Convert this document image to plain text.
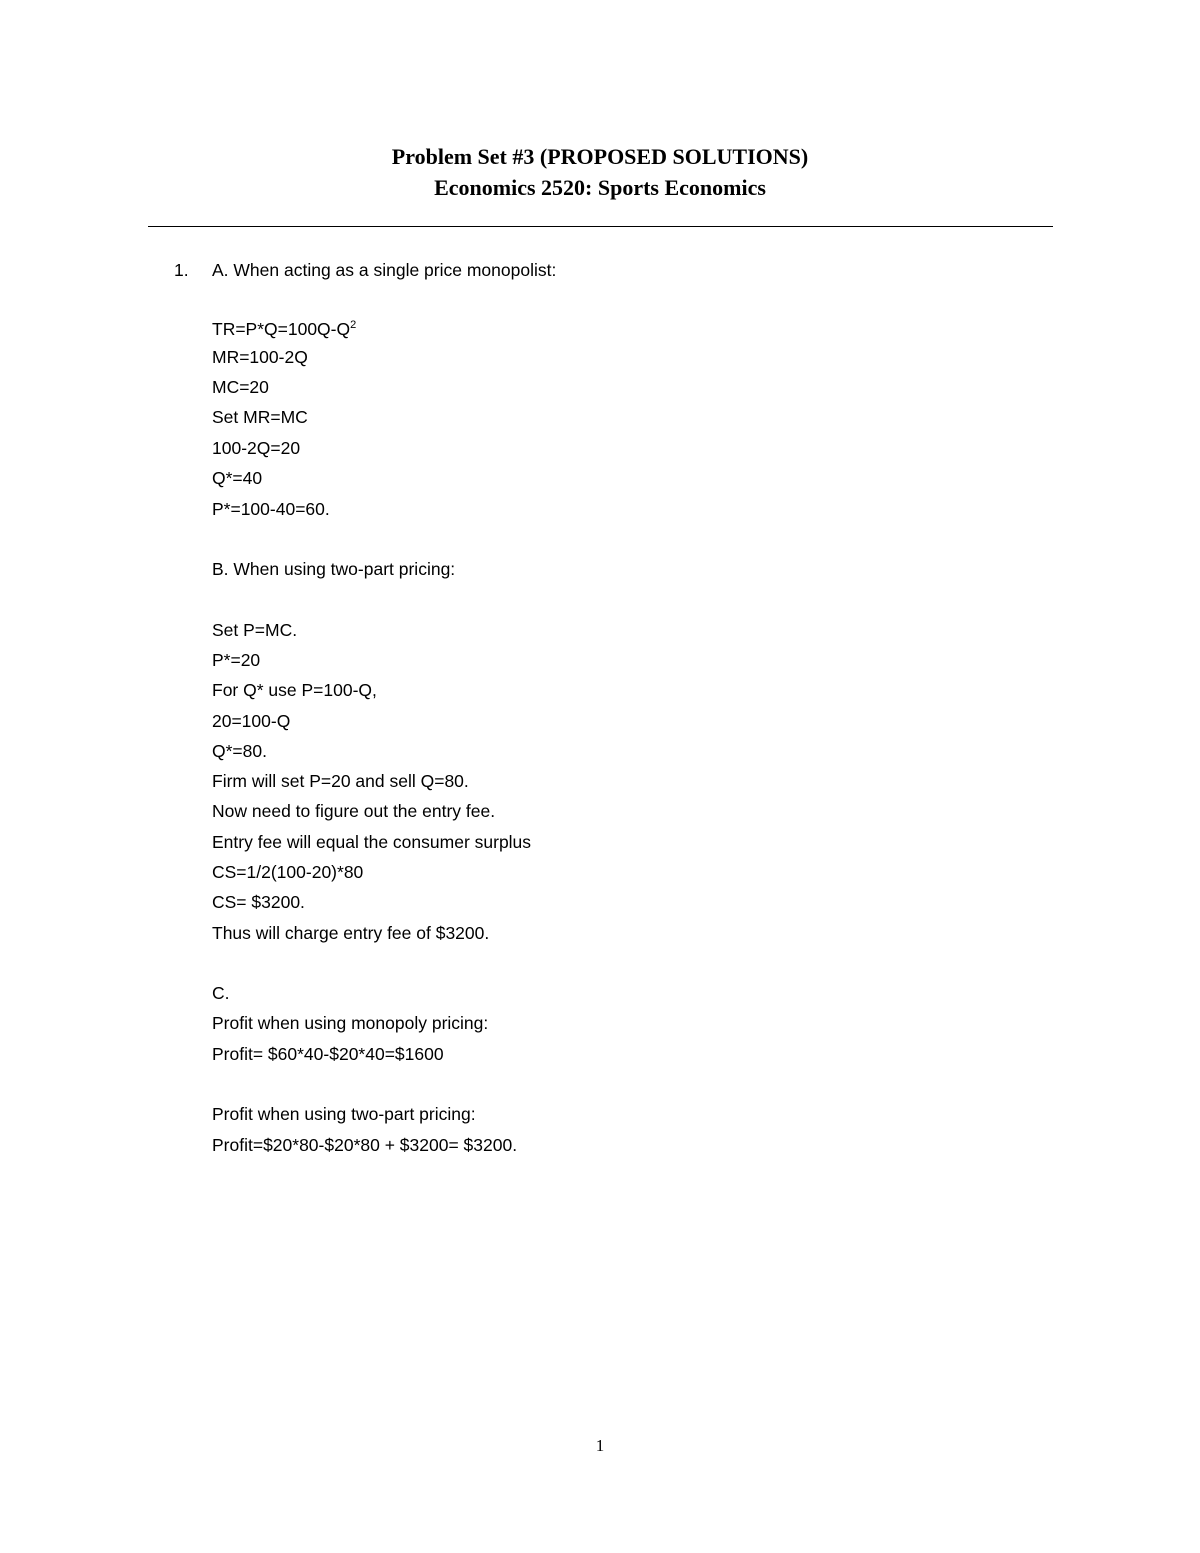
Problem Set #3 (PROPOSED SOLUTIONS)
Economics 2520: Sports Economics
1. A. When acting as a single price monopolist:
$TR=P*Q=100Q-Q^2$
MR=100-2Q
MC=20
Set MR=MC
100-2Q=20
Q*=40
P*=100-40=60.
B. When using two-part pricing:
Set P=MC.
P*=20
For Q* use P=100-Q,
20=100-Q
Q*=80.
Firm will set P=20 and sell Q=80.
Now need to figure out the entry fee.
Entry fee will equal the consumer surplus
CS=1/2(100-20)*80
CS= $3200.
Thus will charge entry fee of $3200.
C.
Profit when using monopoly pricing:
Profit= $60*40-$20*40=$1600
Profit when using two-part pricing:
Profit=$20*80-$20*80 + $3200= $3200.
1
